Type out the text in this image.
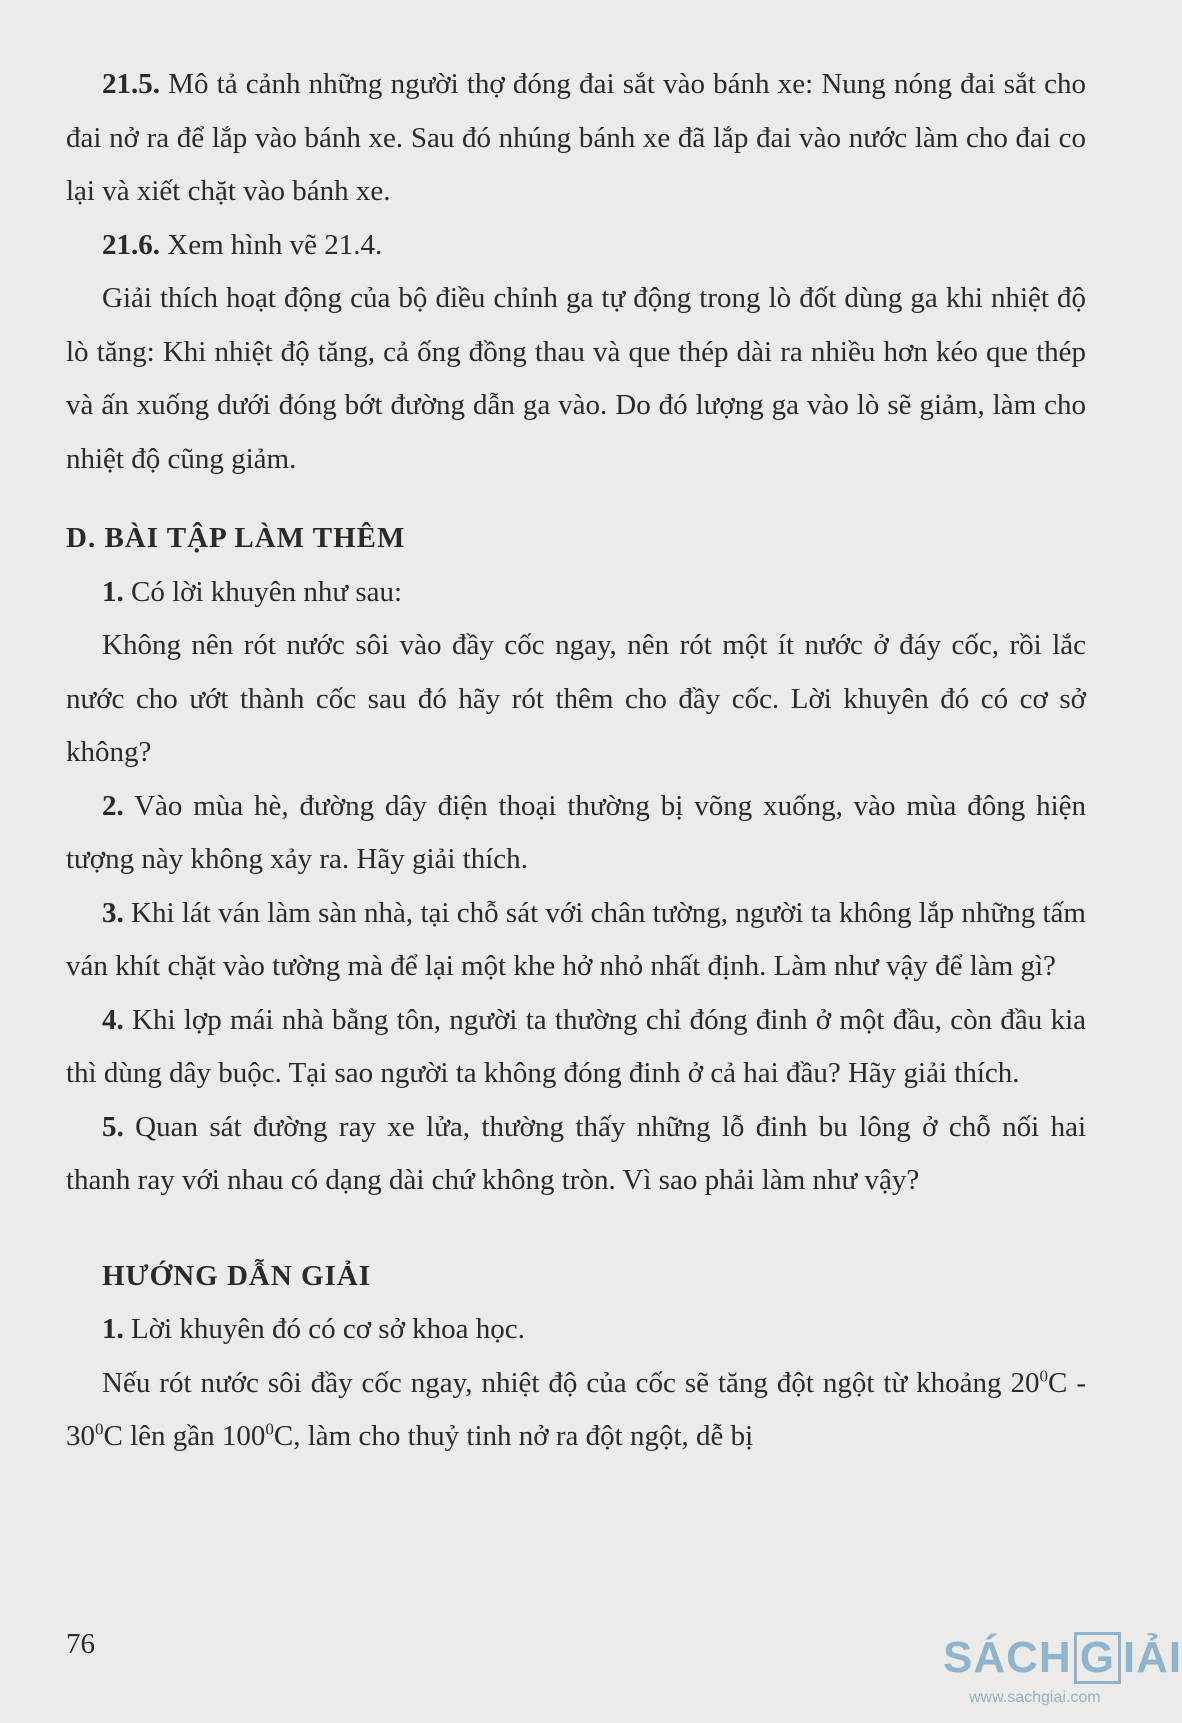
21.5. Mô tả cảnh những người thợ đóng đai sắt vào bánh xe: Nung nóng đai sắt cho đai nở ra để lắp vào bánh xe. Sau đó nhúng bánh xe đã lắp đai vào nước làm cho đai co lại và xiết chặt vào bánh xe.

21.6. Xem hình vẽ 21.4.

Giải thích hoạt động của bộ điều chỉnh ga tự động trong lò đốt dùng ga khi nhiệt độ lò tăng: Khi nhiệt độ tăng, cả ống đồng thau và que thép dài ra nhiều hơn kéo que thép và ấn xuống dưới đóng bớt đường dẫn ga vào. Do đó lượng ga vào lò sẽ giảm, làm cho nhiệt độ cũng giảm.

D. BÀI TẬP LÀM THÊM

1. Có lời khuyên như sau:

Không nên rót nước sôi vào đầy cốc ngay, nên rót một ít nước ở đáy cốc, rồi lắc nước cho ướt thành cốc sau đó hãy rót thêm cho đầy cốc. Lời khuyên đó có cơ sở không?

2. Vào mùa hè, đường dây điện thoại thường bị võng xuống, vào mùa đông hiện tượng này không xảy ra. Hãy giải thích.

3. Khi lát ván làm sàn nhà, tại chỗ sát với chân tường, người ta không lắp những tấm ván khít chặt vào tường mà để lại một khe hở nhỏ nhất định. Làm như vậy để làm gì?

4. Khi lợp mái nhà bằng tôn, người ta thường chỉ đóng đinh ở một đầu, còn đầu kia thì dùng dây buộc. Tại sao người ta không đóng đinh ở cả hai đầu? Hãy giải thích.

5. Quan sát đường ray xe lửa, thường thấy những lỗ đinh bu lông ở chỗ nối hai thanh ray với nhau có dạng dài chứ không tròn. Vì sao phải làm như vậy?

HƯỚNG DẪN GIẢI

1. Lời khuyên đó có cơ sở khoa học.

Nếu rót nước sôi đầy cốc ngay, nhiệt độ của cốc sẽ tăng đột ngột từ khoảng $20^0C - 30^0C$ lên gần $100^0C$, làm cho thuỷ tinh nở ra đột ngột, dễ bị

76	SÁCH G IẢI
www.sachgiai.com
